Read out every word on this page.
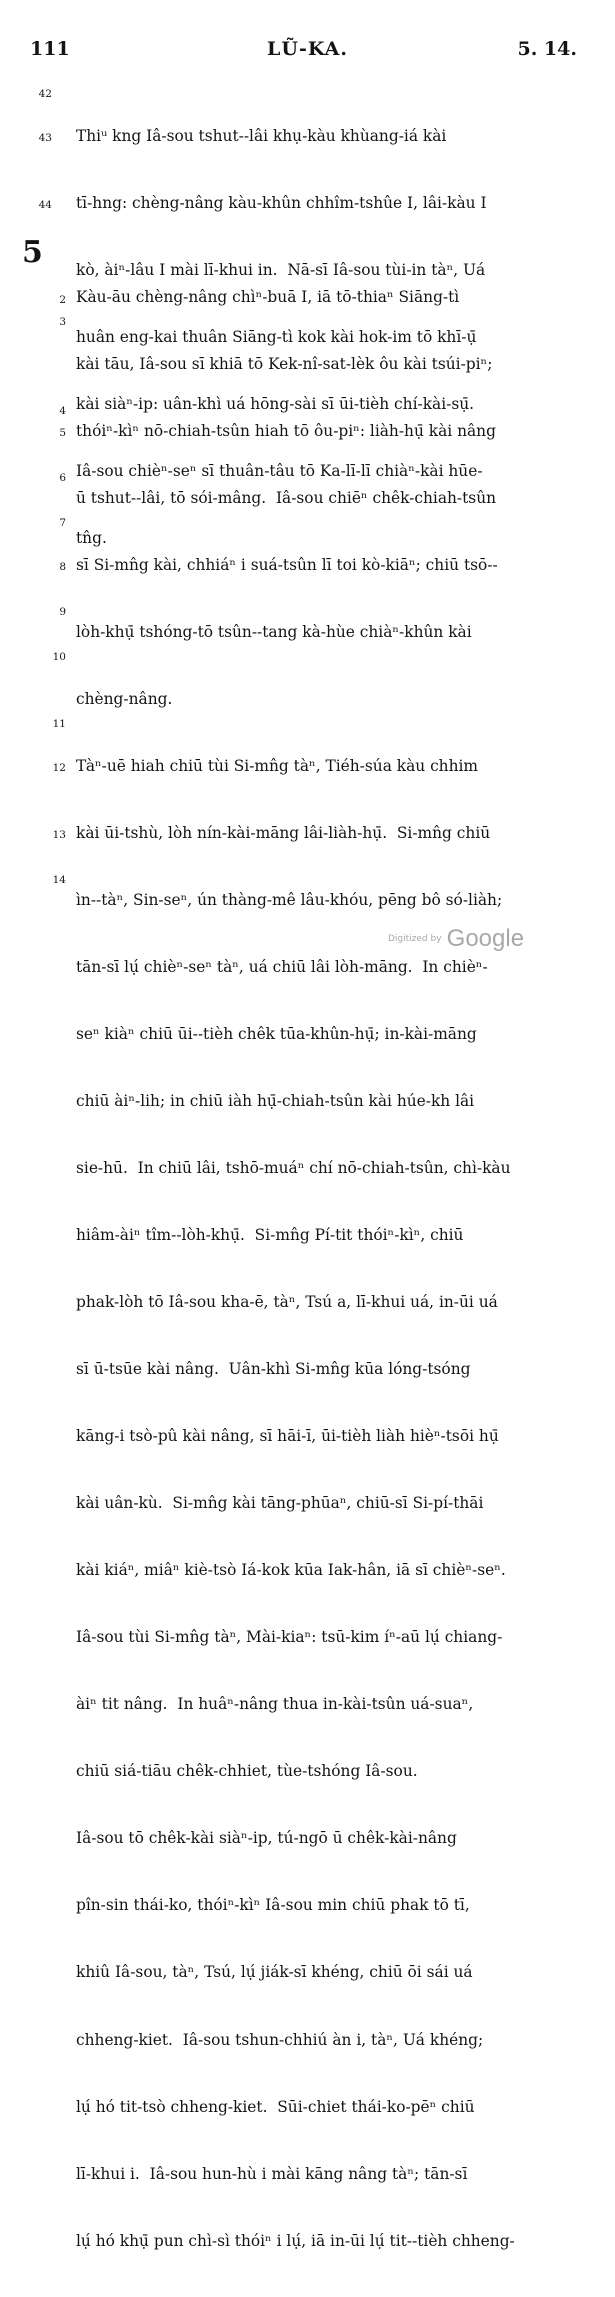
111	LŨ-KA.	5. 14.
42
43
44

Thiᵘ kng Iâ-sou tshut--lâi khụ-kàu khùang-iá kài

tī-hng: chèng-nâng kàu-khûn chhîm-tshûe I, lâi-kàu I

kò, àiⁿ-lâu I mài lī-khui in.  Nā-sī Iâ-sou tùi-in tàⁿ, Uá

huân eng-kai thuân Siāng-tì kok kài hok-im tō khī-ụ̄

kài siàⁿ-ip: uân-khì uá hōng-sài sī ūi-tièh chí-kài-sụ̄.

Iâ-sou chièⁿ-seⁿ sī thuân-tâu tō Ka-lī-lī chiàⁿ-kài hūe-

tn̂g.

5
2
3
4
5
6
7
8
9
10
11
12
13
14

Kàu-āu chèng-nâng chìⁿ-buā I, iā tō-thiaⁿ Siāng-tì

kài tāu, Iâ-sou sī khiā tō Kek-nî-sat-lèk ôu kài tsúi-piⁿ;

thóiⁿ-kìⁿ nō-chiah-tsûn hiah tō ôu-piⁿ: liàh-hụ̄ kài nâng

ū tshut--lâi, tō sói-mâng.  Iâ-sou chiēⁿ chêk-chiah-tsûn

sī Si-mn̂g kài, chhiáⁿ i suá-tsûn lī toi kò-kiāⁿ; chiū tsō--

lòh-khụ̄ tshóng-tō tsûn--tang kà-hùe chiàⁿ-khûn kài

chèng-nâng.

Tàⁿ-uē hiah chiū tùi Si-mn̂g tàⁿ, Tiéh-súa kàu chhim

kài ūi-tshù, lòh nín-kài-māng lâi-liàh-hụ̄.  Si-mn̂g chiū

ìn--tàⁿ, Sin-seⁿ, ún thàng-mê lâu-khóu, pēng bô só-liàh;

tān-sī lụ́ chièⁿ-seⁿ tàⁿ, uá chiū lâi lòh-māng.  In chièⁿ-

seⁿ kiàⁿ chiū ūi--tièh chêk tūa-khûn-hụ̄; in-kài-māng

chiū àiⁿ-lih; in chiū iàh hụ̄-chiah-tsûn kài húe-kh lâi

sie-hū.  In chiū lâi, tshō-muáⁿ chí nō-chiah-tsûn, chì-kàu

hiâm-àiⁿ tîm--lòh-khụ̄.  Si-mn̂g Pí-tit thóiⁿ-kìⁿ, chiū

phak-lòh tō Iâ-sou kha-ē, tàⁿ, Tsú a, lī-khui uá, in-ūi uá

sī ū-tsūe kài nâng.  Uân-khì Si-mn̂g kūa lóng-tsóng

kāng-i tsò-pû kài nâng, sī hāi-ī, ūi-tièh liàh hièⁿ-tsōi hụ̄

kài uân-kù.  Si-mn̂g kài tāng-phūaⁿ, chiū-sī Si-pí-thāi

kài kiáⁿ, miâⁿ kiè-tsò Iá-kok kūa Iak-hân, iā sī chièⁿ-seⁿ.

Iâ-sou tùi Si-mn̂g tàⁿ, Mài-kiaⁿ: tsū-kim íⁿ-aū lụ́ chiang-

àiⁿ tit nâng.  In huâⁿ-nâng thua in-kài-tsûn uá-suaⁿ,

chiū siá-tiāu chêk-chhiet, tùe-tshóng Iâ-sou.

Iâ-sou tō chêk-kài siàⁿ-ip, tú-ngō ū chêk-kài-nâng

pîn-sin thái-ko, thóiⁿ-kìⁿ Iâ-sou min chiū phak tō tī,

khiû Iâ-sou, tàⁿ, Tsú, lụ́ jiák-sī khéng, chiū ōi sái uá

chheng-kiet.  Iâ-sou tshun-chhiú àn i, tàⁿ, Uá khéng;

lụ́ hó tit-tsò chheng-kiet.  Sūi-chiet thái-ko-pēⁿ chiū

lī-khui i.  Iâ-sou hun-hù i mài kāng nâng tàⁿ; tān-sī

lụ́ hó khụ̄ pun chì-sì thóiⁿ i lụ́, iā in-ūi lụ́ tit--tièh chheng-

Digitized by Google
